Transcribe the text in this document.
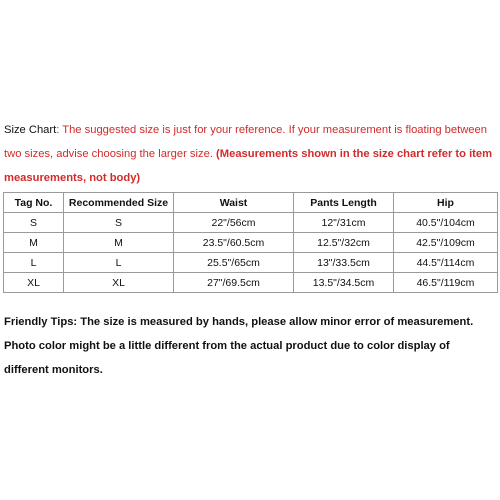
Size Chart: The suggested size is just for your reference. If your measurement is floating between two sizes, advise choosing the larger size. (Measurements shown in the size chart refer to item measurements, not body)
Tag No.	Recommended Size	Waist	Pants Length	Hip
S	S	22"/56cm	12"/31cm	40.5"/104cm
M	M	23.5"/60.5cm	12.5"/32cm	42.5"/109cm
L	L	25.5"/65cm	13"/33.5cm	44.5"/114cm
XL	XL	27"/69.5cm	13.5"/34.5cm	46.5"/119cm
Friendly Tips: The size is measured by hands, please allow minor error of measurement. Photo color might be a little different from the actual product due to color display of different monitors.
